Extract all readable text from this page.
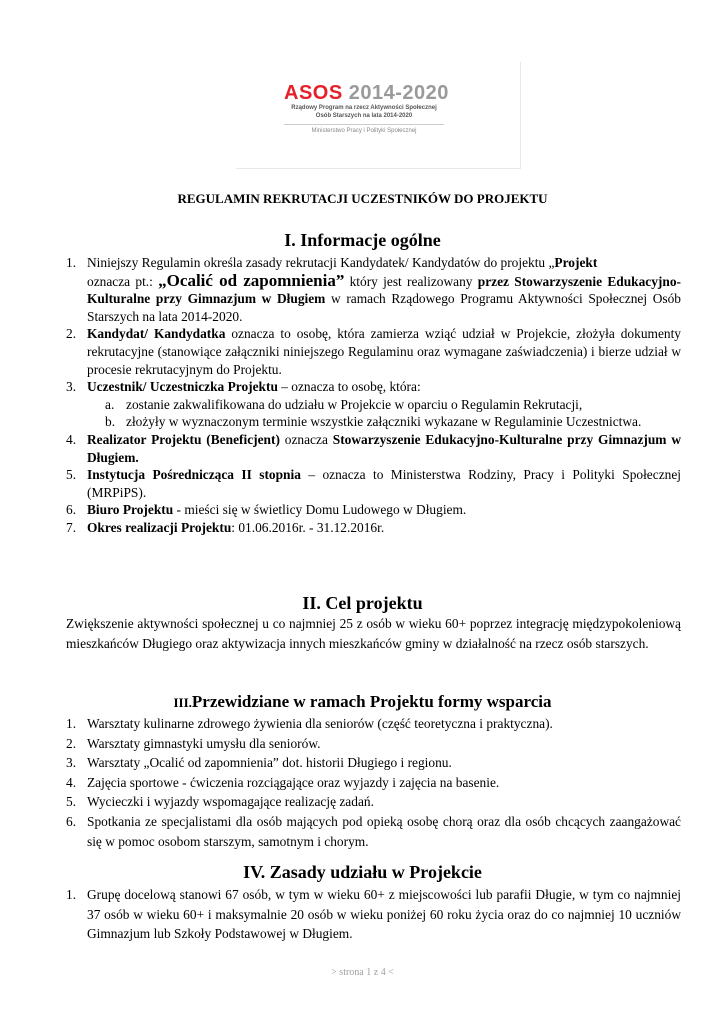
ASOS 2014-2020
Rządowy Program na rzecz Aktywności Społecznej
Osób Starszych na lata 2014-2020
Ministerstwo Pracy i Polityki Społecznej
REGULAMIN REKRUTACJI UCZESTNIKÓW DO PROJEKTU
I. Informacje ogólne
1. Niniejszy Regulamin określa zasady rekrutacji Kandydatek/ Kandydatów do projektu „Projekt
oznacza pt.: „Ocalić od zapomnienia” który jest realizowany przez Stowarzyszenie Edukacyjno-Kulturalne przy Gimnazjum w Długiem w ramach Rządowego Programu Aktywności Społecznej Osób Starszych na lata 2014-2020.
2. Kandydat/ Kandydatka oznacza to osobę, która zamierza wziąć udział w Projekcie, złożyła dokumenty rekrutacyjne (stanowiące załączniki niniejszego Regulaminu oraz wymagane zaświadczenia) i bierze udział w procesie rekrutacyjnym do Projektu.
3. Uczestnik/ Uczestniczka Projektu – oznacza to osobę, która:
a. zostanie zakwalifikowana do udziału w Projekcie w oparciu o Regulamin Rekrutacji,
b. złożyły w wyznaczonym terminie wszystkie załączniki wykazane w Regulaminie Uczestnictwa.
4. Realizator Projektu (Beneficjent) oznacza Stowarzyszenie Edukacyjno-Kulturalne przy Gimnazjum w Długiem.
5. Instytucja Pośrednicząca II stopnia – oznacza to Ministerstwa Rodziny, Pracy i Polityki Społecznej (MRPiPS).
6. Biuro Projektu - mieści się w świetlicy Domu Ludowego w Długiem.
7. Okres realizacji Projektu: 01.06.2016r. - 31.12.2016r.
II. Cel projektu
Zwiększenie aktywności społecznej u co najmniej 25 z osób w wieku 60+ poprzez integrację międzypokoleniową mieszkańców Długiego oraz aktywizacja innych mieszkańców gminy w działalność na rzecz osób starszych.
III.Przewidziane w ramach Projektu formy wsparcia
1. Warsztaty kulinarne zdrowego żywienia dla seniorów (część teoretyczna i praktyczna).
2. Warsztaty gimnastyki umysłu dla seniorów.
3. Warsztaty „Ocalić od zapomnienia” dot. historii Długiego i regionu.
4. Zajęcia sportowe - ćwiczenia rozciągające oraz wyjazdy i zajęcia na basenie.
5. Wycieczki i wyjazdy wspomagające realizację zadań.
6. Spotkania ze specjalistami dla osób mających pod opieką osobę chorą oraz dla osób chcących zaangażować się w pomoc osobom starszym, samotnym i chorym.
IV. Zasady udziału w Projekcie
1. Grupę docelową stanowi 67 osób, w tym w wieku 60+ z miejscowości lub parafii Długie, w tym co najmniej 37 osób w wieku 60+ i maksymalnie 20 osób w wieku poniżej 60 roku życia oraz do co najmniej 10 uczniów Gimnazjum lub Szkoły Podstawowej w Długiem.
> strona 1 z 4 <
